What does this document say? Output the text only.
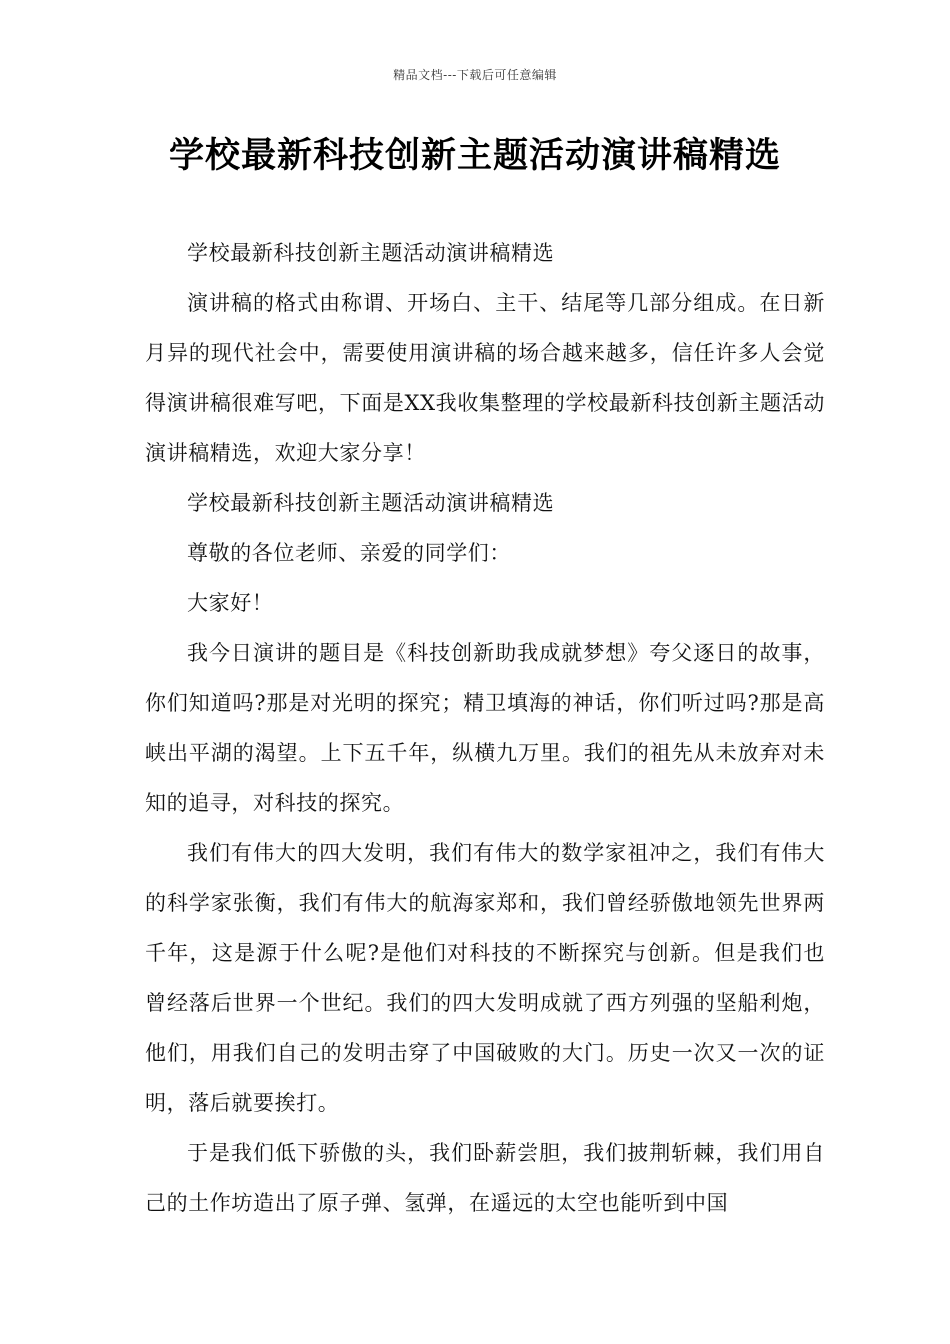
精品文档---下载后可任意编辑
学校最新科技创新主题活动演讲稿精选

学校最新科技创新主题活动演讲稿精选

演讲稿的格式由称谓、开场白、主干、结尾等几部分组成。在日新月异的现代社会中，需要使用演讲稿的场合越来越多，信任许多人会觉得演讲稿很难写吧，下面是XX我收集整理的学校最新科技创新主题活动演讲稿精选，欢迎大家分享！

学校最新科技创新主题活动演讲稿精选

尊敬的各位老师、亲爱的同学们：

大家好！

我今日演讲的题目是《科技创新助我成就梦想》夸父逐日的故事，你们知道吗?那是对光明的探究；精卫填海的神话，你们听过吗?那是高峡出平湖的渴望。上下五千年，纵横九万里。我们的祖先从未放弃对未知的追寻，对科技的探究。

我们有伟大的四大发明，我们有伟大的数学家祖冲之，我们有伟大的科学家张衡，我们有伟大的航海家郑和，我们曾经骄傲地领先世界两千年，这是源于什么呢?是他们对科技的不断探究与创新。但是我们也曾经落后世界一个世纪。我们的四大发明成就了西方列强的坚船利炮，他们，用我们自己的发明击穿了中国破败的大门。历史一次又一次的证明，落后就要挨打。

于是我们低下骄傲的头，我们卧薪尝胆，我们披荆斩棘，我们用自己的土作坊造出了原子弹、氢弹，在遥远的太空也能听到中国
